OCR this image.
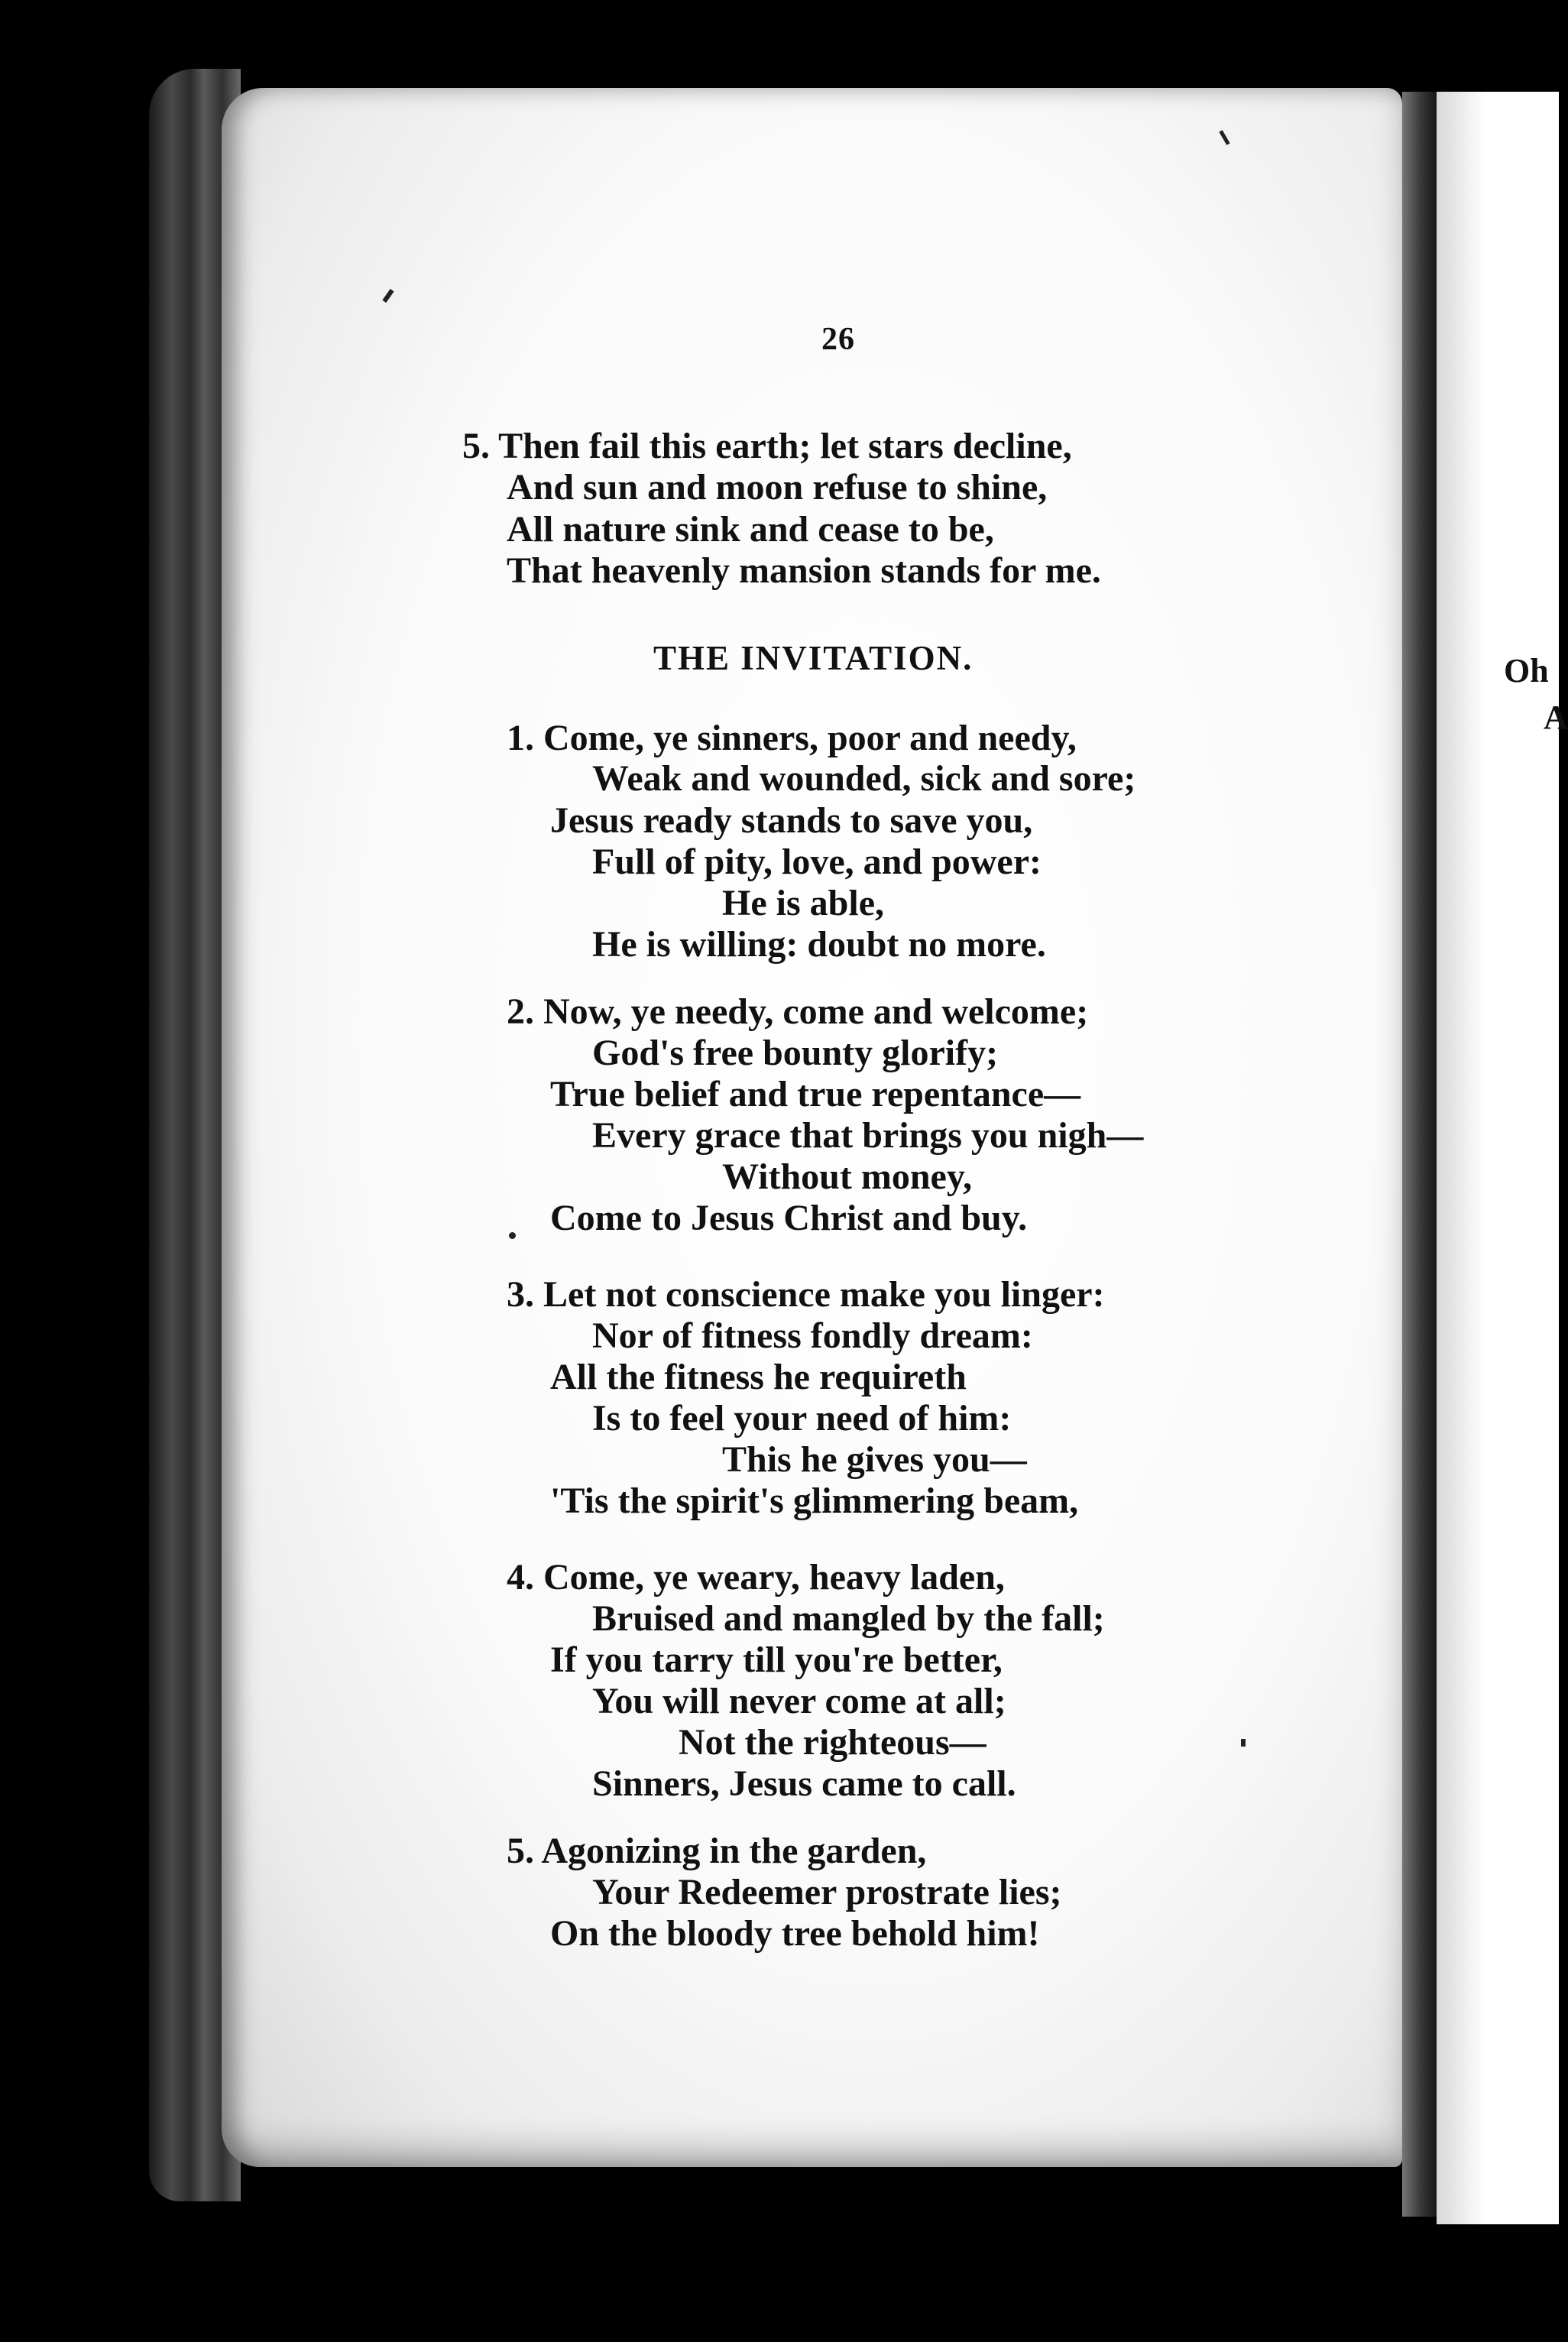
Oh
A
26
5. Then fail this earth; let stars decline,
And sun and moon refuse to shine,
All nature sink and cease to be,
That heavenly mansion stands for me.
THE INVITATION.
1. Come, ye sinners, poor and needy,
Weak and wounded, sick and sore;
Jesus ready stands to save you,
Full of pity, love, and power:
He is able,
He is willing: doubt no more.
2. Now, ye needy, come and welcome;
God's free bounty glorify;
True belief and true repentance—
Every grace that brings you nigh—
Without money,
Come to Jesus Christ and buy.
3. Let not conscience make you linger:
Nor of fitness fondly dream:
All the fitness he requireth
Is to feel your need of him:
This he gives you—
'Tis the spirit's glimmering beam,
4. Come, ye weary, heavy laden,
Bruised and mangled by the fall;
If you tarry till you're better,
You will never come at all;
Not the righteous—
Sinners, Jesus came to call.
5. Agonizing in the garden,
Your Redeemer prostrate lies;
On the bloody tree behold him!
